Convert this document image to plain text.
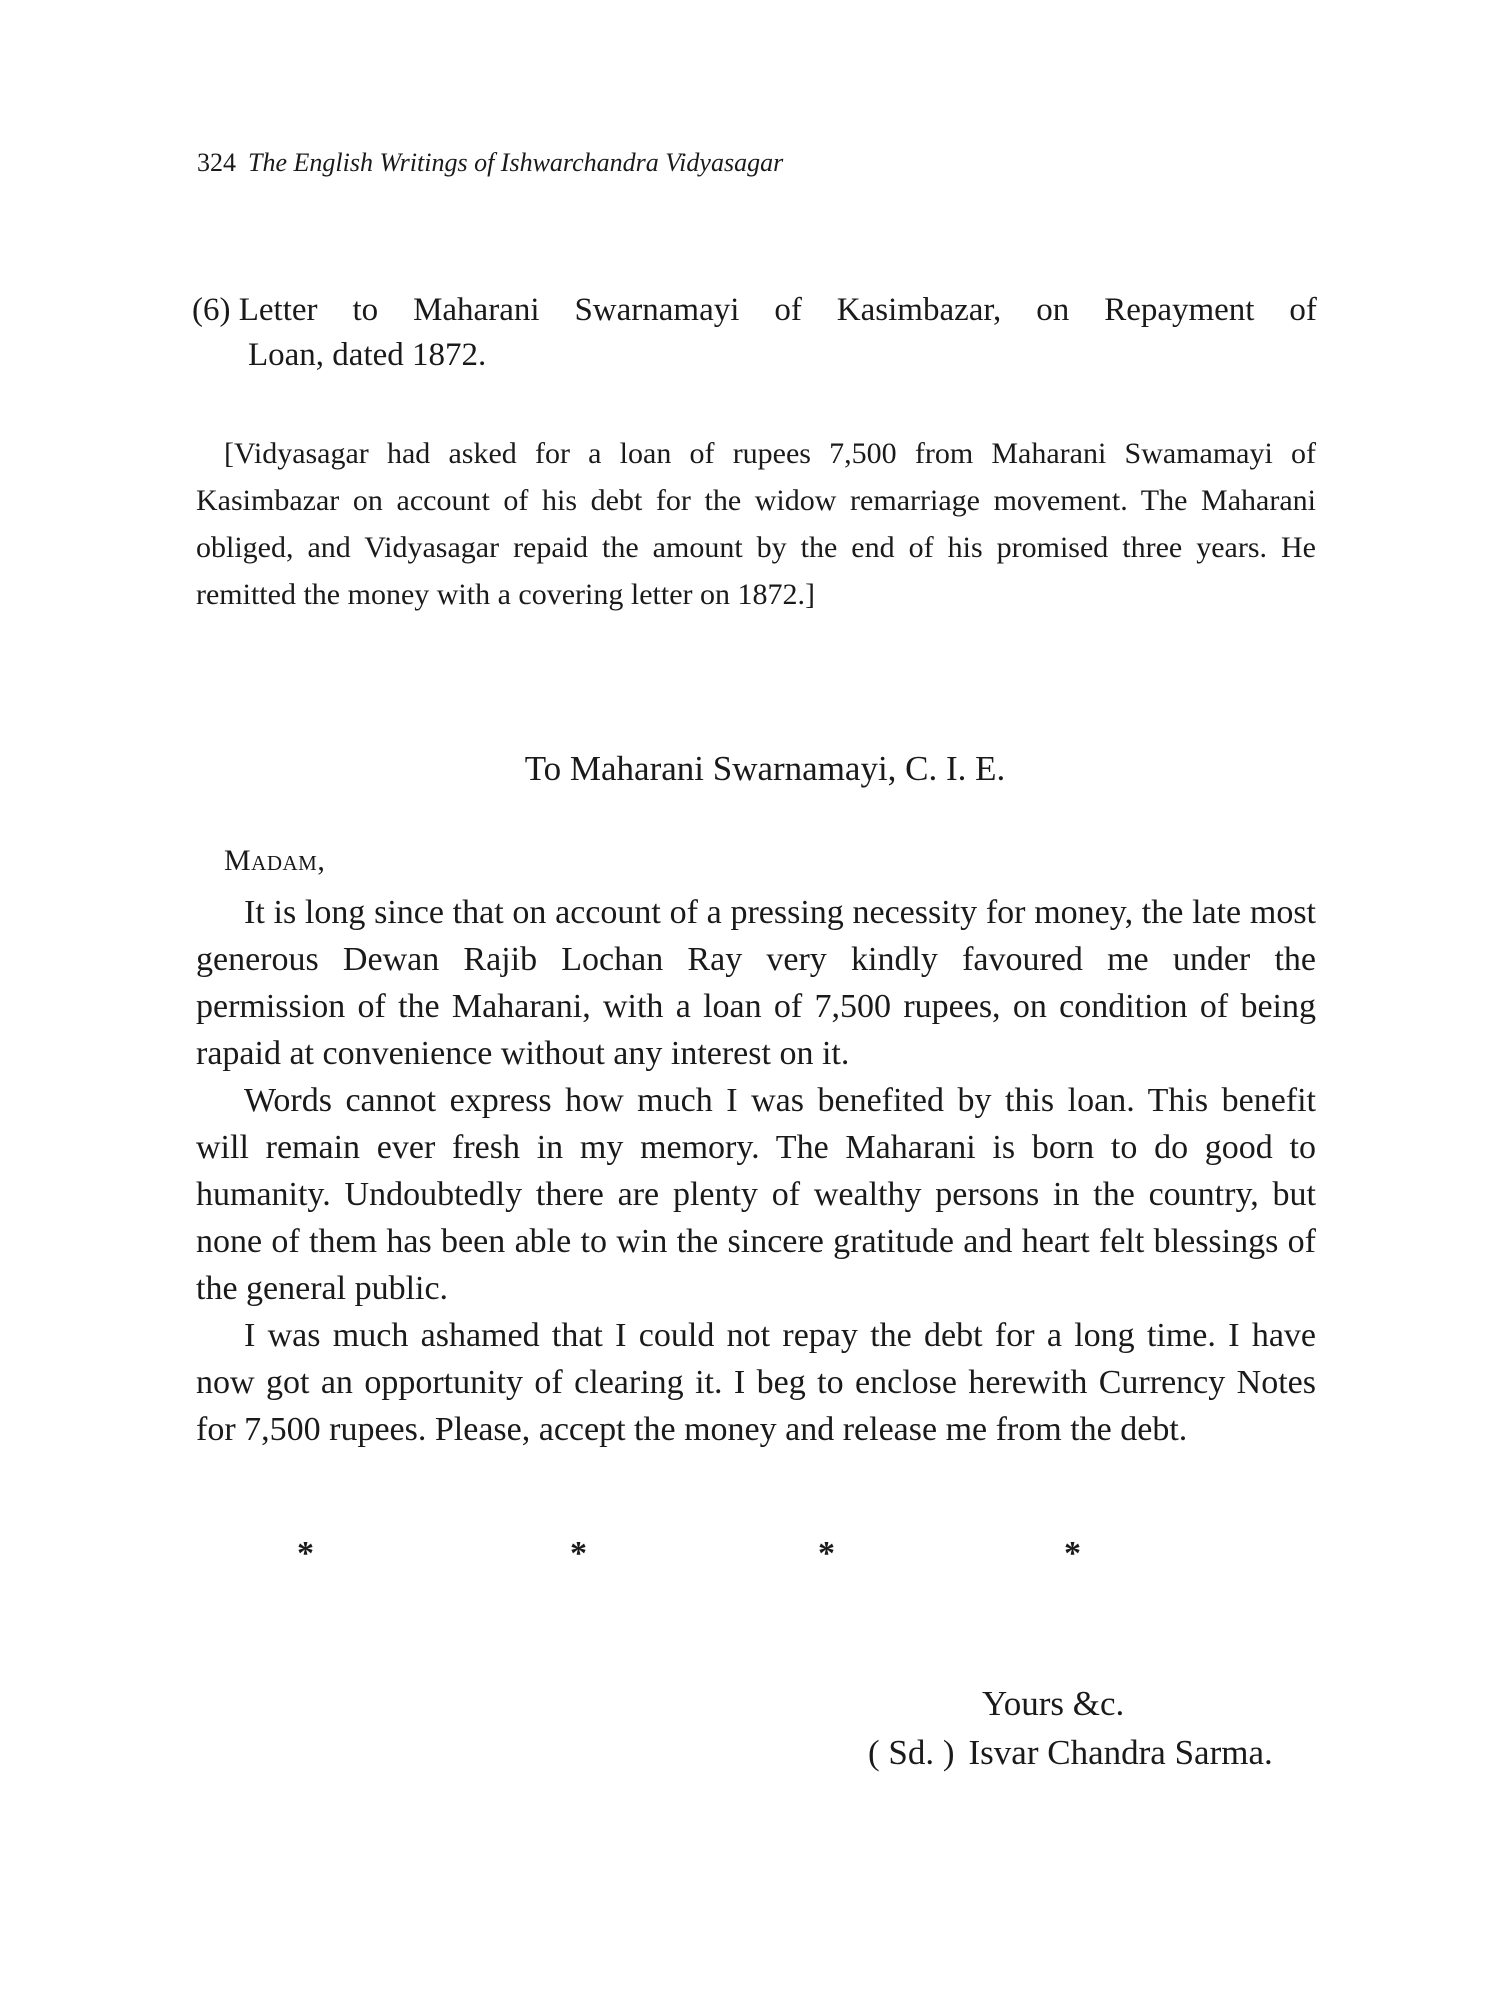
324 The English Writings of Ishwarchandra Vidyasagar
(6) Letter to Maharani Swarnamayi of Kasimbazar, on Repayment of
Loan, dated 1872.
[Vidyasagar had asked for a loan of rupees 7,500 from Maharani Swamamayi of Kasimbazar on account of his debt for the widow remarriage movement. The Maharani obliged, and Vidyasagar repaid the amount by the end of his promised three years. He remitted the money with a covering letter on 1872.]
To Maharani Swarnamayi, C. I. E.
Madam,

It is long since that on account of a pressing necessity for money, the late most generous Dewan Rajib Lochan Ray very kindly favoured me under the permission of the Maharani, with a loan of 7,500 rupees, on condition of being rapaid at convenience without any interest on it.

Words cannot express how much I was benefited by this loan. This benefit will remain ever fresh in my memory. The Maharani is born to do good to humanity. Undoubtedly there are plenty of wealthy persons in the country, but none of them has been able to win the sincere gratitude and heart felt blessings of the general public.

I was much ashamed that I could not repay the debt for a long time. I have now got an opportunity of clearing it. I beg to enclose herewith Currency Notes for 7,500 rupees. Please, accept the money and release me from the debt.

*	*	*	*
Yours &c.
( Sd. ) Isvar Chandra Sarma.
